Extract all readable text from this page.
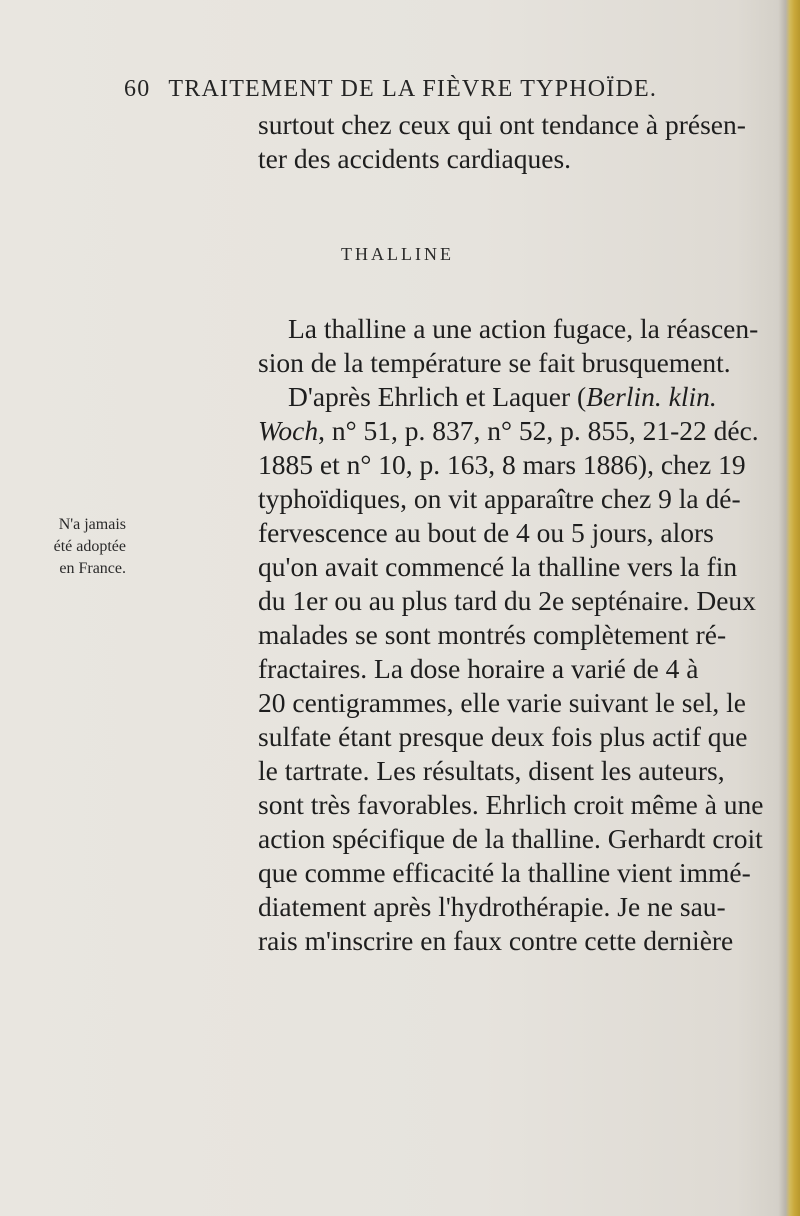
60 TRAITEMENT DE LA FIÈVRE TYPHOÏDE.
surtout chez ceux qui ont tendance à présen-
ter des accidents cardiaques.
THALLINE
N'a jamais
été adoptée
en France.
La thalline a une action fugace, la réascen-
sion de la température se fait brusquement.
D'après Ehrlich et Laquer (Berlin. klin.
Woch, n° 51, p. 837, n° 52, p. 855, 21-22 déc.
1885 et n° 10, p. 163, 8 mars 1886), chez 19
typhoïdiques, on vit apparaître chez 9 la dé-
fervescence au bout de 4 ou 5 jours, alors
qu'on avait commencé la thalline vers la fin
du 1er ou au plus tard du 2e septénaire. Deux
malades se sont montrés complètement ré-
fractaires. La dose horaire a varié de 4 à
20 centigrammes, elle varie suivant le sel, le
sulfate étant presque deux fois plus actif que
le tartrate. Les résultats, disent les auteurs,
sont très favorables. Ehrlich croit même à une
action spécifique de la thalline. Gerhardt croit
que comme efficacité la thalline vient immé-
diatement après l'hydrothérapie. Je ne sau-
rais m'inscrire en faux contre cette dernière
